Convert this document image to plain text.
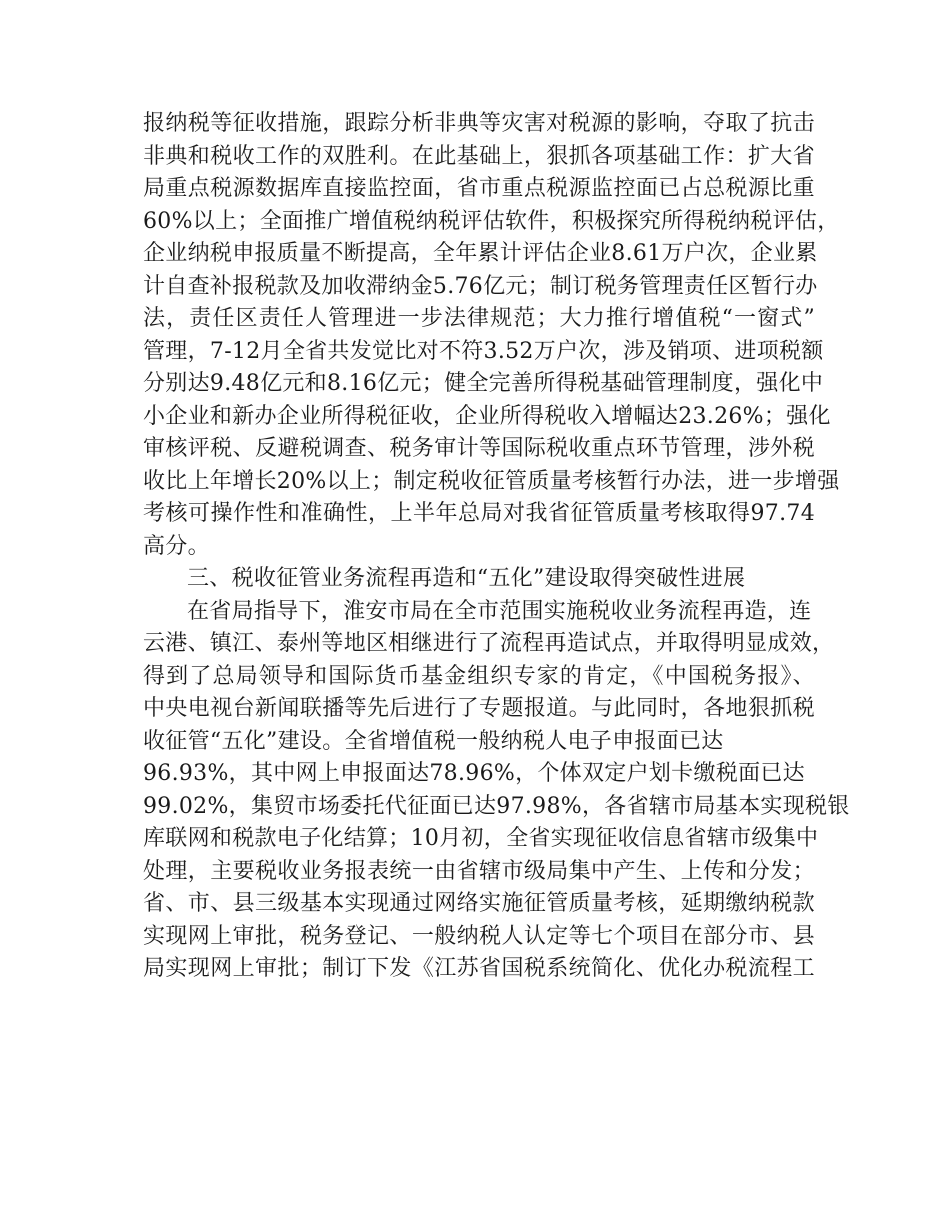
报纳税等征收措施，跟踪分析非典等灾害对税源的影响，夺取了抗击
非典和税收工作的双胜利。在此基础上，狠抓各项基础工作：扩大省
局重点税源数据库直接监控面，省市重点税源监控面已占总税源比重
60%以上；全面推广增值税纳税评估软件，积极探究所得税纳税评估，
企业纳税申报质量不断提高，全年累计评估企业8.61万户次，企业累
计自查补报税款及加收滞纳金5.76亿元；制订税务管理责任区暂行办
法，责任区责任人管理进一步法律规范；大力推行增值税“一窗式”
管理，7-12月全省共发觉比对不符3.52万户次，涉及销项、进项税额
分别达9.48亿元和8.16亿元；健全完善所得税基础管理制度，强化中
小企业和新办企业所得税征收，企业所得税收入增幅达23.26%；强化
审核评税、反避税调查、税务审计等国际税收重点环节管理，涉外税
收比上年增长20%以上；制定税收征管质量考核暂行办法，进一步增强
考核可操作性和准确性，上半年总局对我省征管质量考核取得97.74
高分。
三、税收征管业务流程再造和“五化”建设取得突破性进展
在省局指导下，淮安市局在全市范围实施税收业务流程再造，连
云港、镇江、泰州等地区相继进行了流程再造试点，并取得明显成效，
得到了总局领导和国际货币基金组织专家的肯定，《中国税务报》、
中央电视台新闻联播等先后进行了专题报道。与此同时，各地狠抓税
收征管“五化”建设。全省增值税一般纳税人电子申报面已达
96.93%，其中网上申报面达78.96%，个体双定户划卡缴税面已达
99.02%，集贸市场委托代征面已达97.98%，各省辖市局基本实现税银
库联网和税款电子化结算；10月初，全省实现征收信息省辖市级集中
处理，主要税收业务报表统一由省辖市级局集中产生、上传和分发；
省、市、县三级基本实现通过网络实施征管质量考核，延期缴纳税款
实现网上审批，税务登记、一般纳税人认定等七个项目在部分市、县
局实现网上审批；制订下发《江苏省国税系统简化、优化办税流程工
